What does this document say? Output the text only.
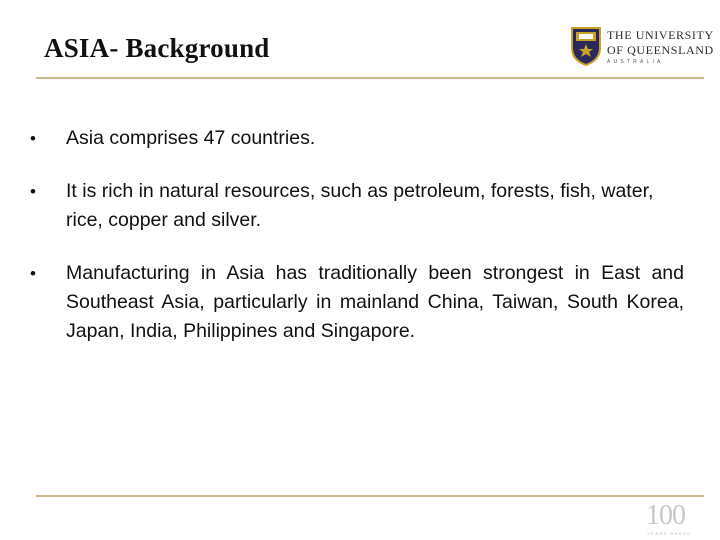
ASIA- Background	THE UNIVERSITY
OF QUEENSLAND
AUSTRALIA
•	Asia comprises 47 countries.
•	It is rich in natural resources, such as petroleum, forests, fish, water, rice, copper and silver.
•	Manufacturing in Asia has traditionally been strongest in East and Southeast Asia, particularly in mainland China, Taiwan, South Korea, Japan, India, Philippines and Singapore.
100
YEARS AHEAD
